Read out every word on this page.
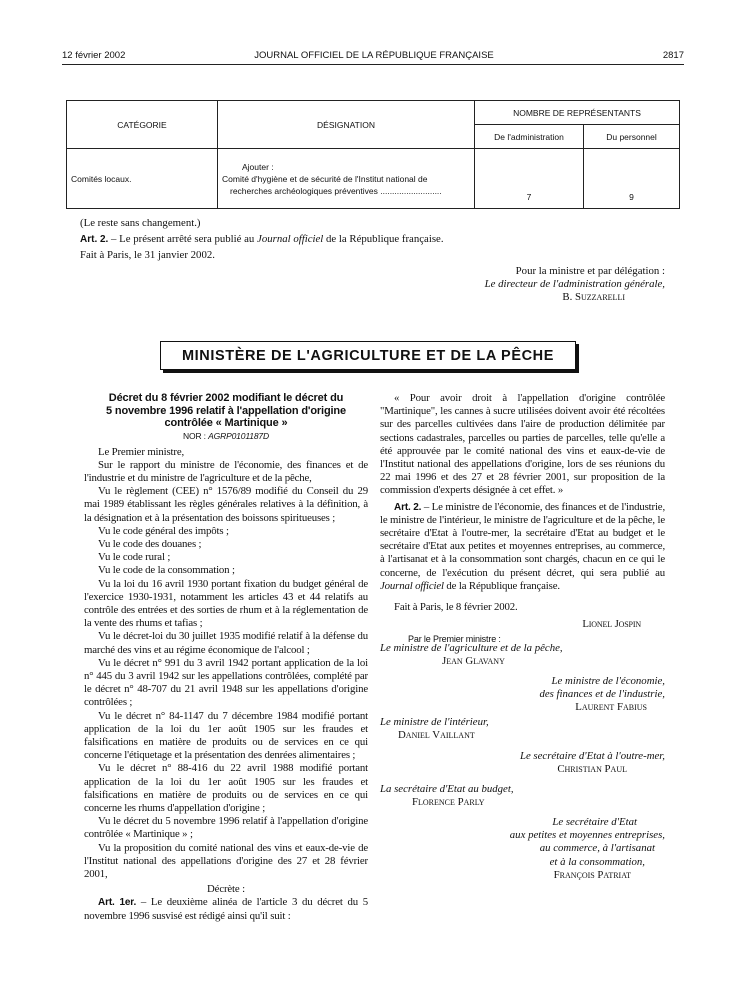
12 février 2002	JOURNAL OFFICIEL DE LA RÉPUBLIQUE FRANÇAISE	2817
CATÉGORIE	DÉSIGNATION	NOMBRE DE REPRÉSENTANTS	
		De l'administration	Du personnel
Comités locaux.	Ajouter :
Comité d'hygiène et de sécurité de l'Institut national de
recherches archéologiques préventives ..........................	7	9
(Le reste sans changement.)
Art. 2. – Le présent arrêté sera publié au Journal officiel de la République française.
Fait à Paris, le 31 janvier 2002.
Pour la ministre et par délégation :
Le directeur de l'administration générale,
B. Suzzarelli
MINISTÈRE DE L'AGRICULTURE ET DE LA PÊCHE
Décret du 8 février 2002 modifiant le décret du
5 novembre 1996 relatif à l'appellation d'origine
contrôlée « Martinique »
NOR : AGRP0101187D

Le Premier ministre,

Sur le rapport du ministre de l'économie, des finances et de l'industrie et du ministre de l'agriculture et de la pêche,

Vu le règlement (CEE) n° 1576/89 modifié du Conseil du 29 mai 1989 établissant les règles générales relatives à la définition, à la désignation et à la présentation des boissons spiritueuses ;

Vu le code général des impôts ;

Vu le code des douanes ;

Vu le code rural ;

Vu le code de la consommation ;

Vu la loi du 16 avril 1930 portant fixation du budget général de l'exercice 1930-1931, notamment les articles 43 et 44 relatifs au contrôle des entrées et des sorties de rhum et à la réglementation de la vente des rhums et tafias ;

Vu le décret-loi du 30 juillet 1935 modifié relatif à la défense du marché des vins et au régime économique de l'alcool ;

Vu le décret n° 991 du 3 avril 1942 portant application de la loi n° 445 du 3 avril 1942 sur les appellations contrôlées, complété par le décret n° 48-707 du 21 avril 1948 sur les appellations d'origine contrôlées ;

Vu le décret n° 84-1147 du 7 décembre 1984 modifié portant application de la loi du 1er août 1905 sur les fraudes et falsifications en matière de produits ou de services en ce qui concerne l'étiquetage et la présentation des denrées alimentaires ;

Vu le décret n° 88-416 du 22 avril 1988 modifié portant application de la loi du 1er août 1905 sur les fraudes et falsifications en matière de produits ou de services en ce qui concerne les rhums d'appellation d'origine ;

Vu le décret du 5 novembre 1996 relatif à l'appellation d'origine contrôlée « Martinique » ;

Vu la proposition du comité national des vins et eaux-de-vie de l'Institut national des appellations d'origine des 27 et 28 février 2001,

Décrète :

Art. 1er. – Le deuxième alinéa de l'article 3 du décret du 5 novembre 1996 susvisé est rédigé ainsi qu'il suit :

« Pour avoir droit à l'appellation d'origine contrôlée "Martinique", les cannes à sucre utilisées doivent avoir été récoltées sur des parcelles cultivées dans l'aire de production délimitée par sections cadastrales, parcelles ou parties de parcelles, telle qu'elle a été approuvée par le comité national des vins et eaux-de-vie de l'Institut national des appellations d'origine, lors de ses réunions du 22 mai 1996 et des 27 et 28 février 2001, sur proposition de la commission d'experts désignée à cet effet. »

Art. 2. – Le ministre de l'économie, des finances et de l'industrie, le ministre de l'intérieur, le ministre de l'agriculture et de la pêche, le secrétaire d'Etat à l'outre-mer, la secrétaire d'Etat au budget et le secrétaire d'Etat aux petites et moyennes entreprises, au commerce, à l'artisanat et à la consommation sont chargés, chacun en ce qui le concerne, de l'exécution du présent décret, qui sera publié au Journal officiel de la République française.

Fait à Paris, le 8 février 2002.

Lionel Jospin

Par le Premier ministre :

Le ministre de l'agriculture et de la pêche,
Jean Glavany
Le ministre de l'économie,
des finances et de l'industrie,
Laurent Fabius
Le ministre de l'intérieur,
Daniel Vaillant
Le secrétaire d'Etat à l'outre-mer,
Christian Paul
La secrétaire d'Etat au budget,
Florence Parly
Le secrétaire d'Etat
aux petites et moyennes entreprises,
au commerce, à l'artisanat
et à la consommation,
François Patriat
